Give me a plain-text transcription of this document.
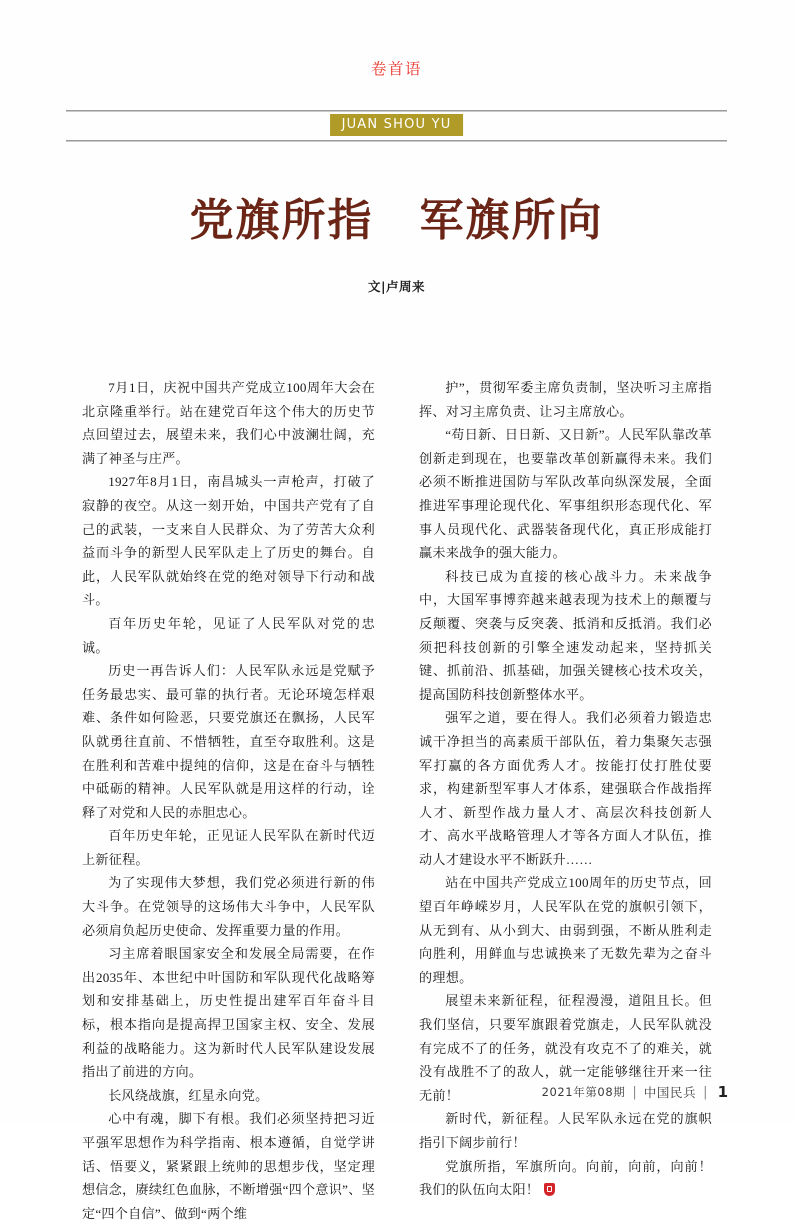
卷首语
JUAN SHOU YU
党旗所指　军旗所向
文|卢周来

7月1日，庆祝中国共产党成立100周年大会在北京隆重举行。站在建党百年这个伟大的历史节点回望过去，展望未来，我们心中波澜壮阔，充满了神圣与庄严。

1927年8月1日，南昌城头一声枪声，打破了寂静的夜空。从这一刻开始，中国共产党有了自己的武装，一支来自人民群众、为了劳苦大众利益而斗争的新型人民军队走上了历史的舞台。自此，人民军队就始终在党的绝对领导下行动和战斗。

百年历史年轮，见证了人民军队对党的忠诚。

历史一再告诉人们：人民军队永远是党赋予任务最忠实、最可靠的执行者。无论环境怎样艰难、条件如何险恶，只要党旗还在飘扬，人民军队就勇往直前、不惜牺牲，直至夺取胜利。这是在胜利和苦难中提纯的信仰，这是在奋斗与牺牲中砥砺的精神。人民军队就是用这样的行动，诠释了对党和人民的赤胆忠心。

百年历史年轮，正见证人民军队在新时代迈上新征程。

为了实现伟大梦想，我们党必须进行新的伟大斗争。在党领导的这场伟大斗争中，人民军队必须肩负起历史使命、发挥重要力量的作用。

习主席着眼国家安全和发展全局需要，在作出2035年、本世纪中叶国防和军队现代化战略筹划和安排基础上，历史性提出建军百年奋斗目标，根本指向是提高捍卫国家主权、安全、发展利益的战略能力。这为新时代人民军队建设发展指出了前进的方向。

长风绕战旗，红星永向党。

心中有魂，脚下有根。我们必须坚持把习近平强军思想作为科学指南、根本遵循，自觉学讲话、悟要义，紧紧跟上统帅的思想步伐，坚定理想信念，赓续红色血脉，不断增强“四个意识”、坚定“四个自信”、做到“两个维

护”，贯彻军委主席负责制，坚决听习主席指挥、对习主席负责、让习主席放心。

“苟日新、日日新、又日新”。人民军队靠改革创新走到现在，也要靠改革创新赢得未来。我们必须不断推进国防与军队改革向纵深发展，全面推进军事理论现代化、军事组织形态现代化、军事人员现代化、武器装备现代化，真正形成能打赢未来战争的强大能力。

科技已成为直接的核心战斗力。未来战争中，大国军事博弈越来越表现为技术上的颠覆与反颠覆、突袭与反突袭、抵消和反抵消。我们必须把科技创新的引擎全速发动起来，坚持抓关键、抓前沿、抓基础，加强关键核心技术攻关，提高国防科技创新整体水平。

强军之道，要在得人。我们必须着力锻造忠诚干净担当的高素质干部队伍，着力集聚矢志强军打赢的各方面优秀人才。按能打仗打胜仗要求，构建新型军事人才体系，建强联合作战指挥人才、新型作战力量人才、高层次科技创新人才、高水平战略管理人才等各方面人才队伍，推动人才建设水平不断跃升……

站在中国共产党成立100周年的历史节点，回望百年峥嵘岁月，人民军队在党的旗帜引领下，从无到有、从小到大、由弱到强，不断从胜利走向胜利，用鲜血与忠诚换来了无数先辈为之奋斗的理想。

展望未来新征程，征程漫漫，道阻且长。但我们坚信，只要军旗跟着党旗走，人民军队就没有完成不了的任务，就没有攻克不了的难关，就没有战胜不了的敌人，就一定能够继往开来一往无前！

新时代，新征程。人民军队永远在党的旗帜指引下阔步前行！

党旗所指，军旗所向。向前，向前，向前！我们的队伍向太阳！

2021年第08期 | 中国民兵 | 1
